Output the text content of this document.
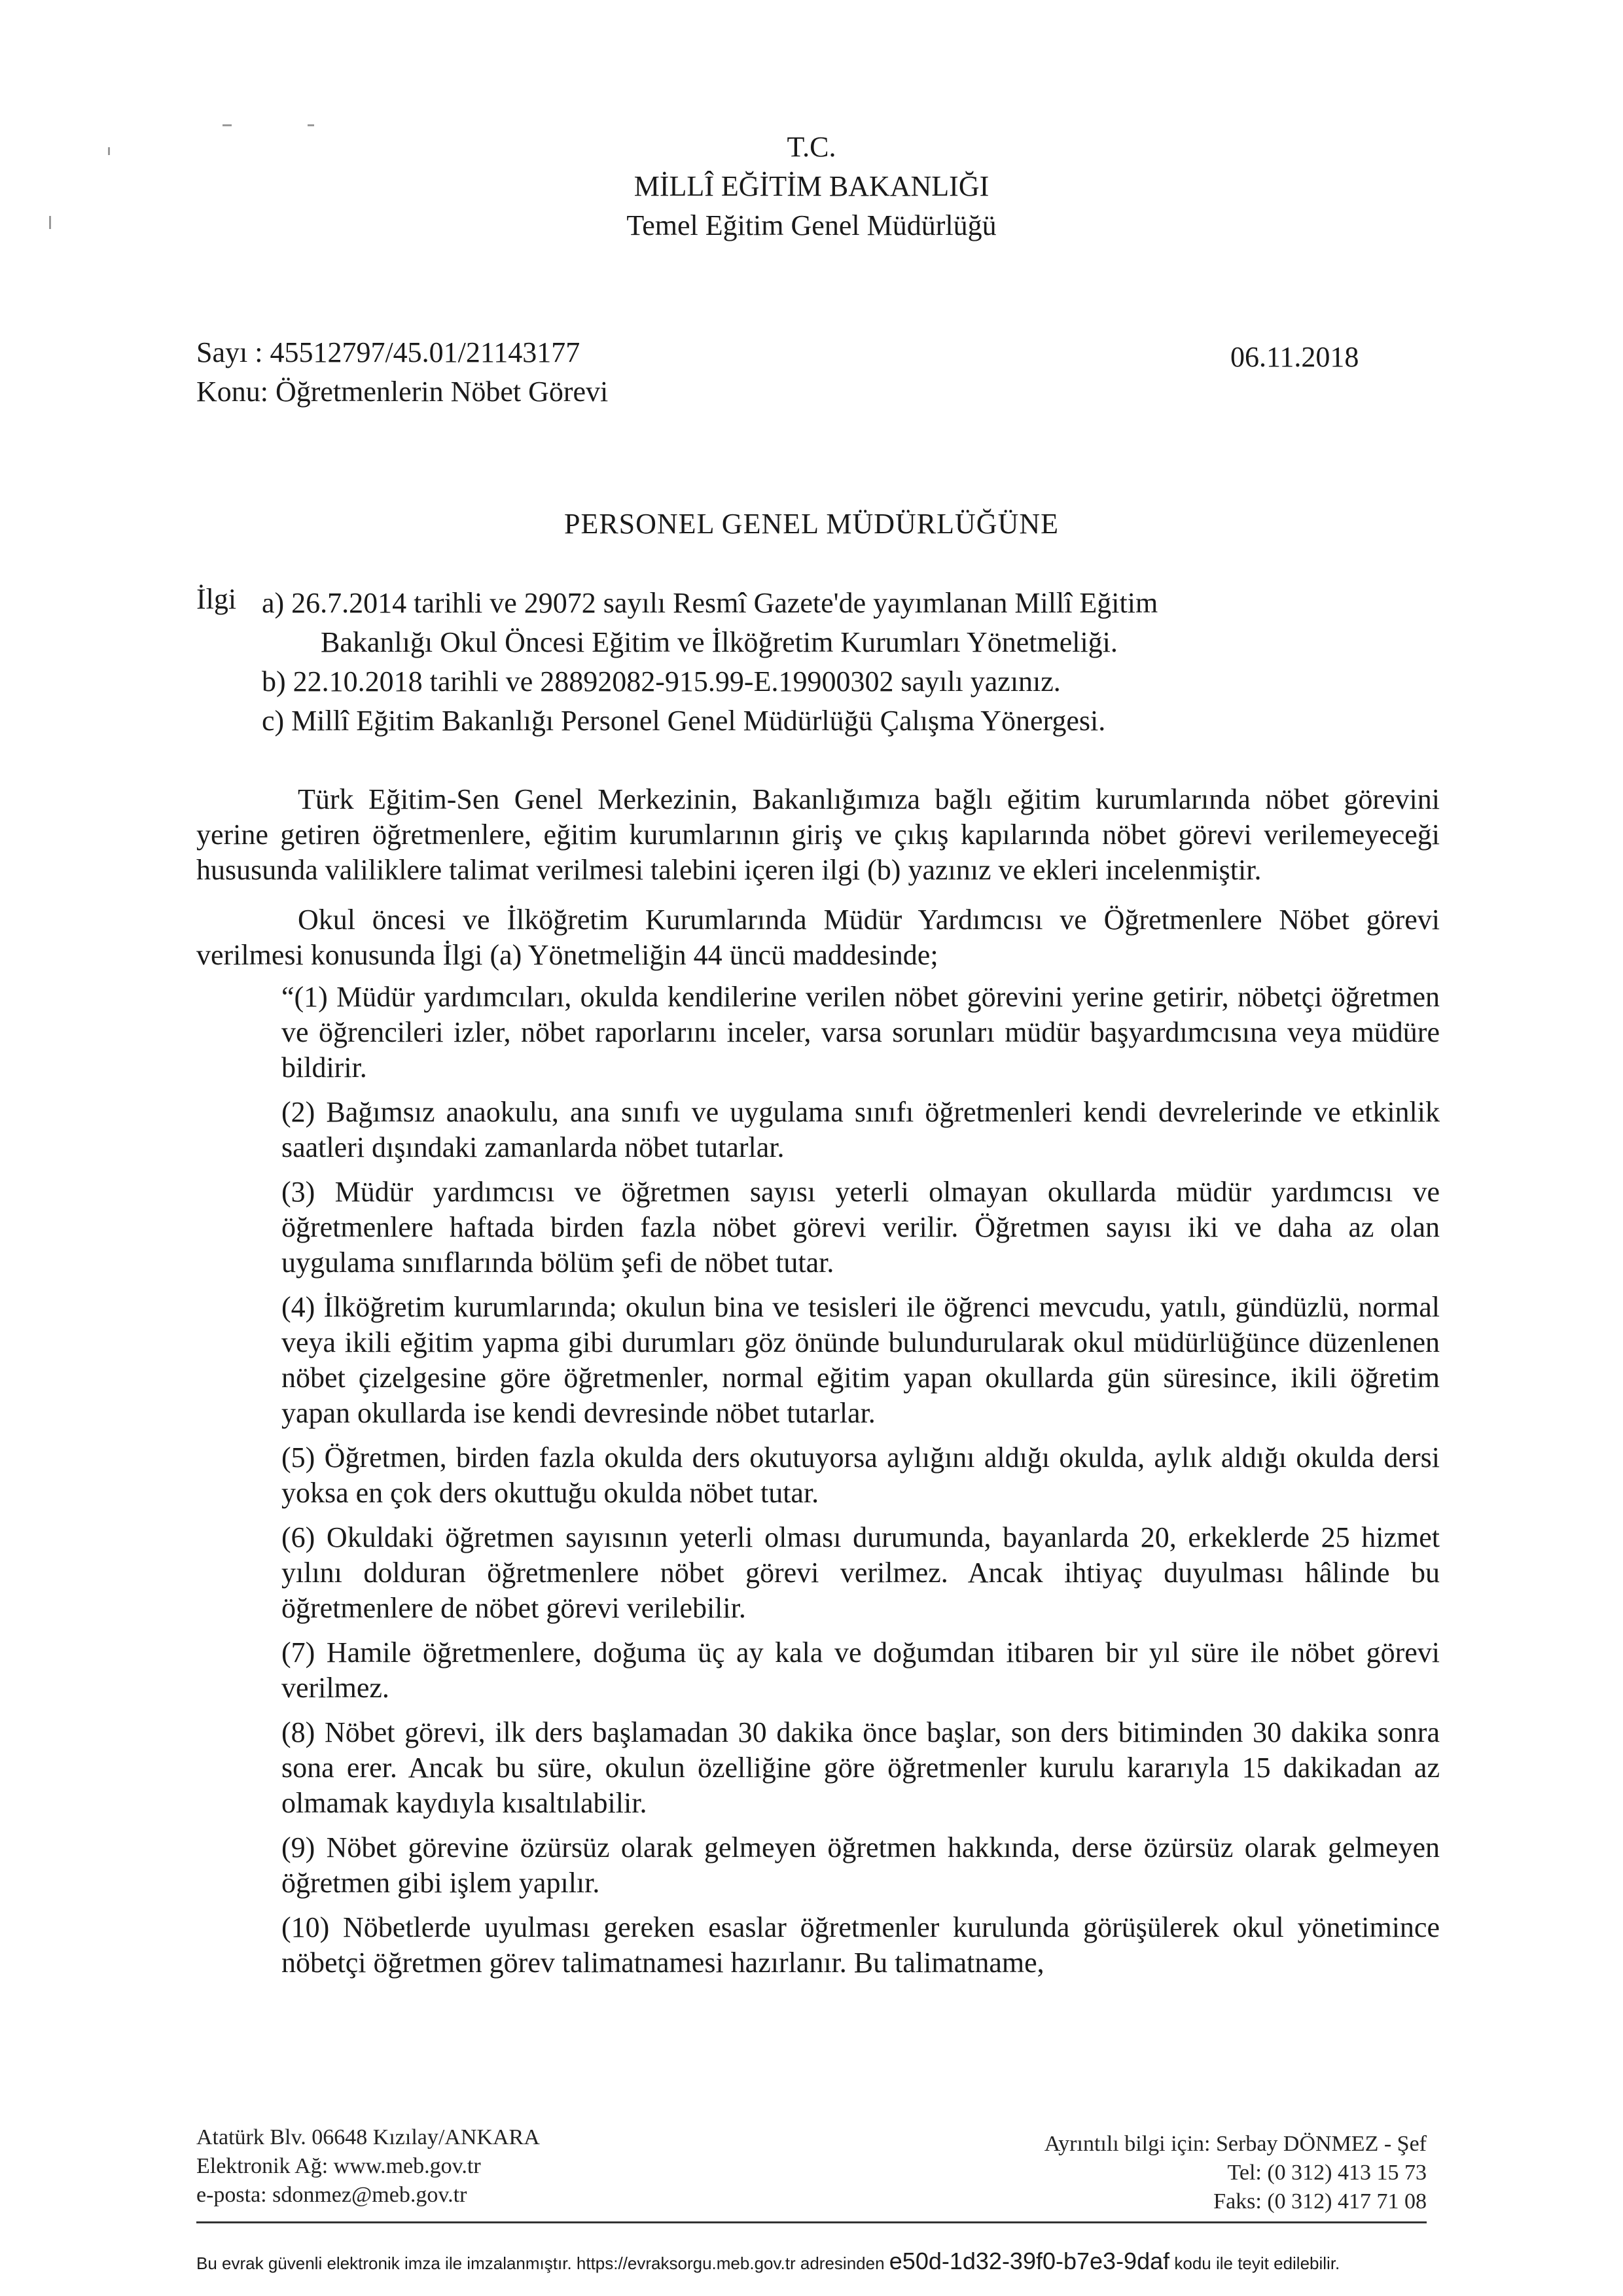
T.C.
MİLLÎ EĞİTİM BAKANLIĞI
Temel Eğitim Genel Müdürlüğü
Sayı : 45512797/45.01/21143177	06.11.2018
Konu: Öğretmenlerin Nöbet Görevi
PERSONEL GENEL MÜDÜRLÜĞÜNE
İlgi a) 26.7.2014 tarihli ve 29072 sayılı Resmî Gazete'de yayımlanan Millî Eğitim
Bakanlığı Okul Öncesi Eğitim ve İlköğretim Kurumları Yönetmeliği.
b) 22.10.2018 tarihli ve 28892082-915.99-E.19900302 sayılı yazınız.
c) Millî Eğitim Bakanlığı Personel Genel Müdürlüğü Çalışma Yönergesi.

Türk Eğitim-Sen Genel Merkezinin, Bakanlığımıza bağlı eğitim kurumlarında nöbet görevini yerine getiren öğretmenlere, eğitim kurumlarının giriş ve çıkış kapılarında nöbet görevi verilemeyeceği hususunda valiliklere talimat verilmesi talebini içeren ilgi (b) yazınız ve ekleri incelenmiştir.

Okul öncesi ve İlköğretim Kurumlarında Müdür Yardımcısı ve Öğretmenlere Nöbet görevi verilmesi konusunda İlgi (a) Yönetmeliğin 44 üncü maddesinde;

“(1) Müdür yardımcıları, okulda kendilerine verilen nöbet görevini yerine getirir, nöbetçi öğretmen ve öğrencileri izler, nöbet raporlarını inceler, varsa sorunları müdür başyardımcısına veya müdüre bildirir.

(2) Bağımsız anaokulu, ana sınıfı ve uygulama sınıfı öğretmenleri kendi devrelerinde ve etkinlik saatleri dışındaki zamanlarda nöbet tutarlar.

(3) Müdür yardımcısı ve öğretmen sayısı yeterli olmayan okullarda müdür yardımcısı ve öğretmenlere haftada birden fazla nöbet görevi verilir. Öğretmen sayısı iki ve daha az olan uygulama sınıflarında bölüm şefi de nöbet tutar.

(4) İlköğretim kurumlarında; okulun bina ve tesisleri ile öğrenci mevcudu, yatılı, gündüzlü, normal veya ikili eğitim yapma gibi durumları göz önünde bulundurularak okul müdürlüğünce düzenlenen nöbet çizelgesine göre öğretmenler, normal eğitim yapan okullarda gün süresince, ikili öğretim yapan okullarda ise kendi devresinde nöbet tutarlar.

(5) Öğretmen, birden fazla okulda ders okutuyorsa aylığını aldığı okulda, aylık aldığı okulda dersi yoksa en çok ders okuttuğu okulda nöbet tutar.

(6) Okuldaki öğretmen sayısının yeterli olması durumunda, bayanlarda 20, erkeklerde 25 hizmet yılını dolduran öğretmenlere nöbet görevi verilmez. Ancak ihtiyaç duyulması hâlinde bu öğretmenlere de nöbet görevi verilebilir.

(7) Hamile öğretmenlere, doğuma üç ay kala ve doğumdan itibaren bir yıl süre ile nöbet görevi verilmez.

(8) Nöbet görevi, ilk ders başlamadan 30 dakika önce başlar, son ders bitiminden 30 dakika sonra sona erer. Ancak bu süre, okulun özelliğine göre öğretmenler kurulu kararıyla 15 dakikadan az olmamak kaydıyla kısaltılabilir.

(9) Nöbet görevine özürsüz olarak gelmeyen öğretmen hakkında, derse özürsüz olarak gelmeyen öğretmen gibi işlem yapılır.

(10) Nöbetlerde uyulması gereken esaslar öğretmenler kurulunda görüşülerek okul yönetimince nöbetçi öğretmen görev talimatnamesi hazırlanır. Bu talimatname,

Atatürk Blv. 06648 Kızılay/ANKARA
Elektronik Ağ: www.meb.gov.tr
e-posta: sdonmez@meb.gov.tr
Ayrıntılı bilgi için: Serbay DÖNMEZ - Şef
Tel: (0 312) 413 15 73
Faks: (0 312) 417 71 08
Bu evrak güvenli elektronik imza ile imzalanmıştır. https://evraksorgu.meb.gov.tr adresinden e50d-1d32-39f0-b7e3-9daf kodu ile teyit edilebilir.
